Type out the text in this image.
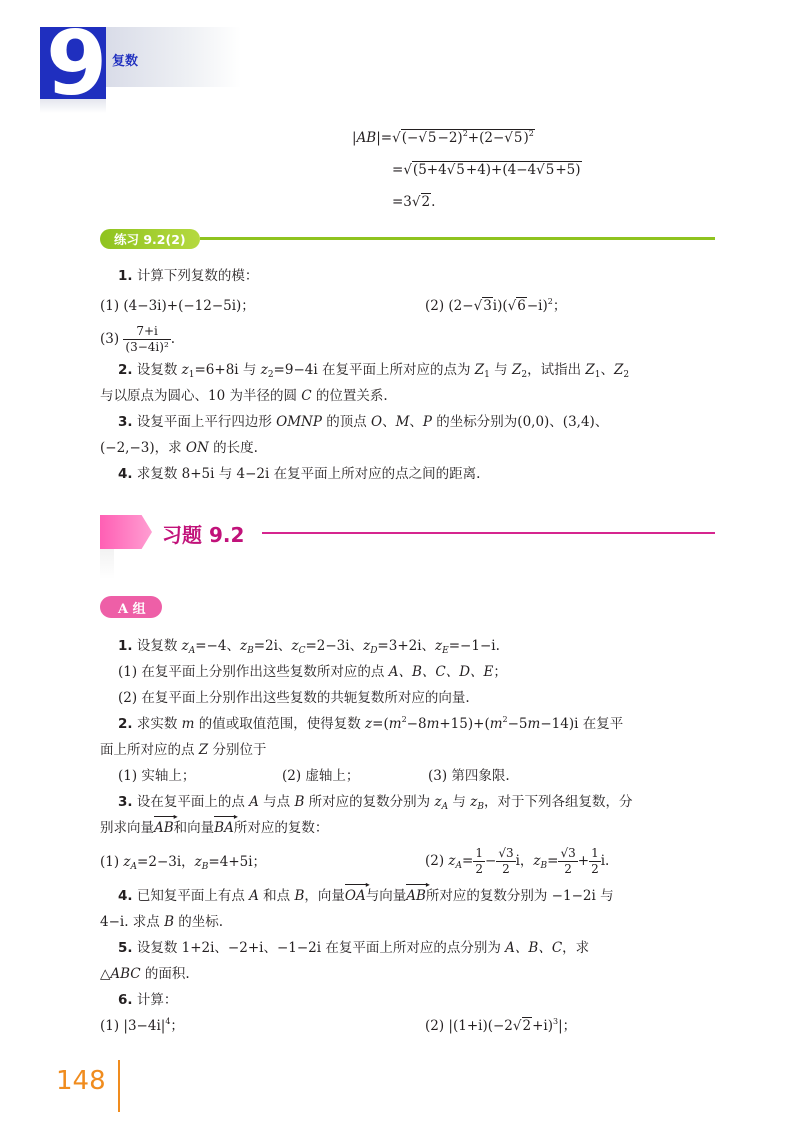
9 复数
$|AB|=√(-√5-2)^2+(2-√5)^2$
=√(5+4√5+4)+(4−4√5+5)
=3√2.
练习 9.2(2)
1. 计算下列复数的模：
(1) (4−3i)+(−12−5i)；	(2) $(2-√3i)(√6-i)^2$；
$(3) \frac{7+i}{\text{(3−4i)²}}$ .
2. 设复数 $z_1=6+8i$ 与 $z_2=9-4i$ 在复平面上所对应的点为 $Z_1$ 与 $Z_2$，试指出 $Z_1$、$Z_2$
与以原点为圆心、10 为半径的圆 C 的位置关系.
3. 设复平面上平行四边形 OMNP 的顶点 O、M、P 的坐标分别为(0,0)、(3,4)、
(−2,−3)，求 ON 的长度.
4. 求复数 8+5i 与 4−2i 在复平面上所对应的点之间的距离.
习题 9.2
A 组
1. 设复数 $z_A=-4$、$z_B=2i$、$z_C=2-3i$、$z_D=3+2i$、$z_E=-1-i$.
(1) 在复平面上分别作出这些复数所对应的点 A、B、C、D、E；
(2) 在复平面上分别作出这些复数的共轭复数所对应的向量.
2. 求实数 m 的值或取值范围，使得复数 $z=(m^2-8m+15)+(m^2-5m-14)i$ 在复平
面上所对应的点 Z 分别位于
(1) 实轴上；	(2) 虚轴上；	(3) 第四象限.
3. 设在复平面上的点 A 与点 B 所对应的复数分别为 $z_A$ 与 $z_B$，对于下列各组复数，分
别求向量AB ▸和向量BA ▸所对应的复数：
(1) $z_A=2-3i$，$z_B=4+5i$；	(2) $z_A= \frac{1}{2} - \frac{√3}{2}$ i，$z_B= \frac{√3}{2} + \frac{1}{2} i$.
4. 已知复平面上有点 A 和点 B，向量OA ▸与向量AB ▸所对应的复数分别为 −1−2i 与
4−i. 求点 B 的坐标.
5. 设复数 1+2i、−2+i、−1−2i 在复平面上所对应的点分别为 A、B、C，求
△ABC 的面积.
6. 计算：
(1) $|3-4i|^4$；	(2) $|(1+i)(-2√2+i)^3|$；
148
